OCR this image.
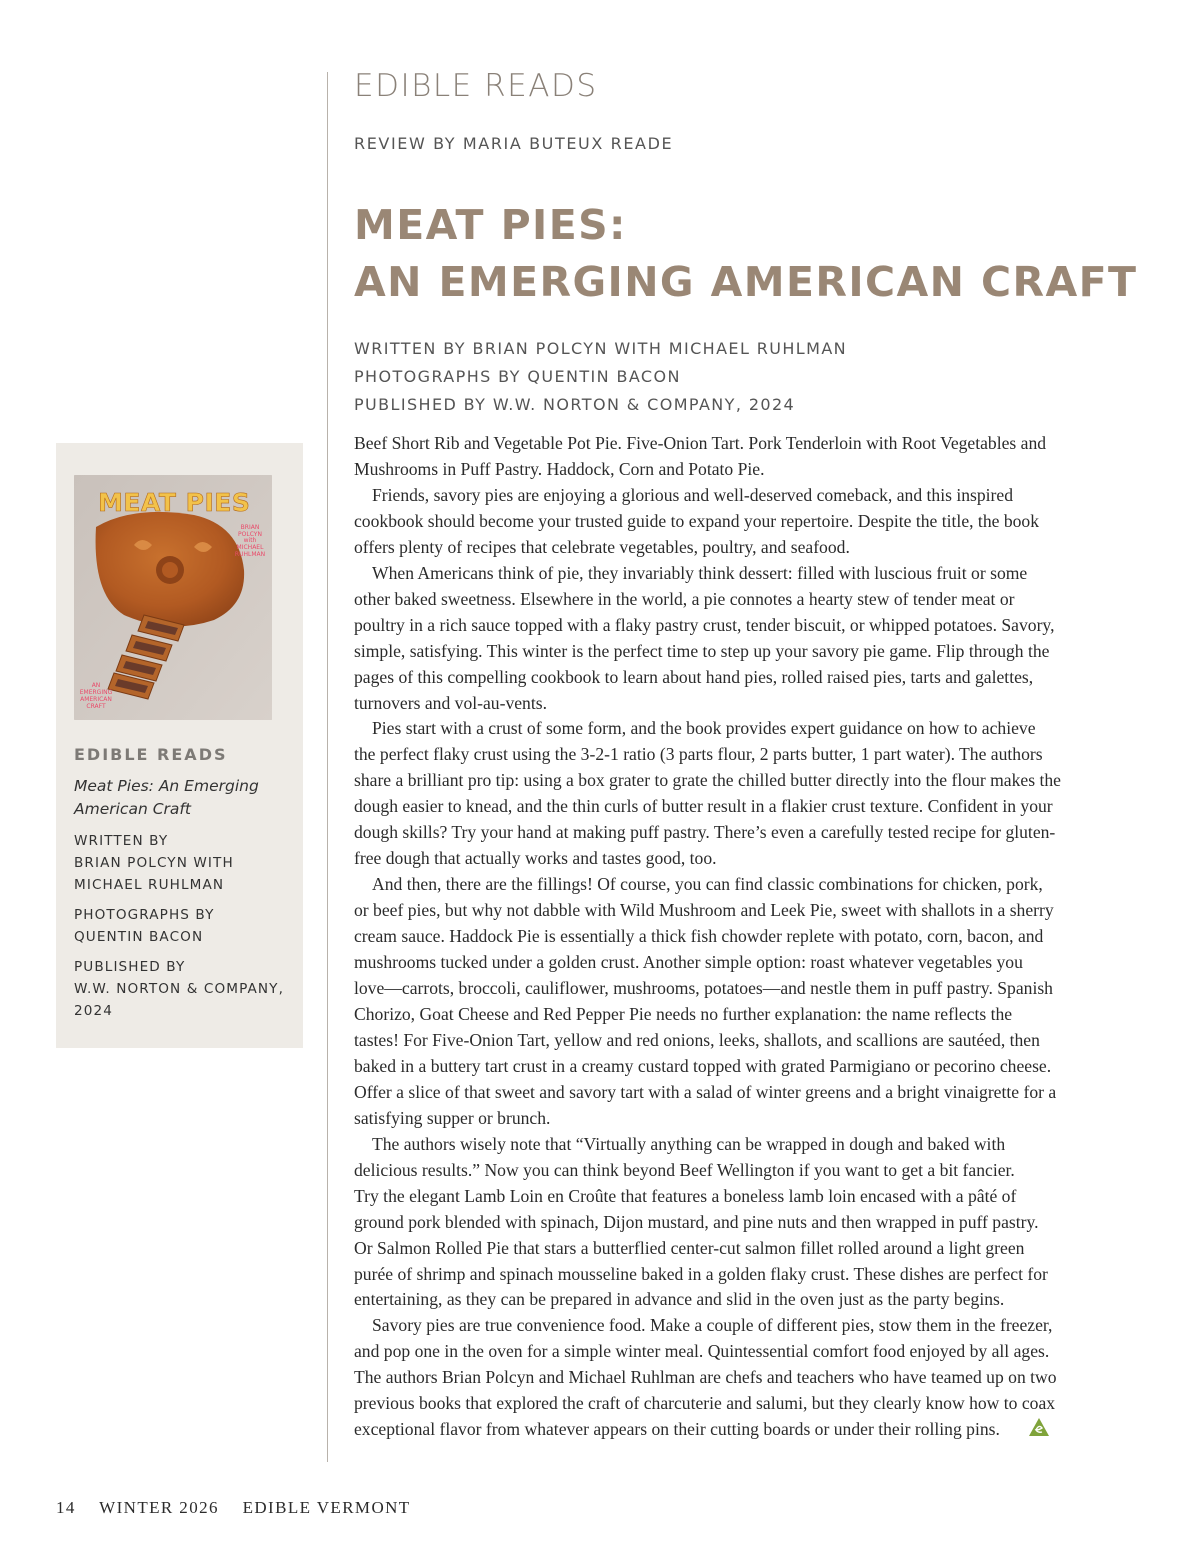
EDIBLE READS

REVIEW BY MARIA BUTEUX READE

MEAT PIES:
AN EMERGING AMERICAN CRAFT
WRITTEN BY BRIAN POLCYN WITH MICHAEL RUHLMAN
PHOTOGRAPHS BY QUENTIN BACON
PUBLISHED BY W.W. NORTON & COMPANY, 2024

Beef Short Rib and Vegetable Pot Pie. Five-Onion Tart. Pork Tenderloin with Root Vegetables and
Mushrooms in Puff Pastry. Haddock, Corn and Potato Pie.

Friends, savory pies are enjoying a glorious and well-deserved comeback, and this inspired
cookbook should become your trusted guide to expand your repertoire. Despite the title, the book
offers plenty of recipes that celebrate vegetables, poultry, and seafood.

When Americans think of pie, they invariably think dessert: filled with luscious fruit or some
other baked sweetness. Elsewhere in the world, a pie connotes a hearty stew of tender meat or
poultry in a rich sauce topped with a flaky pastry crust, tender biscuit, or whipped potatoes. Savory,
simple, satisfying. This winter is the perfect time to step up your savory pie game. Flip through the
pages of this compelling cookbook to learn about hand pies, rolled raised pies, tarts and galettes,
turnovers and vol-au-vents.

Pies start with a crust of some form, and the book provides expert guidance on how to achieve
the perfect flaky crust using the 3-2-1 ratio (3 parts flour, 2 parts butter, 1 part water). The authors
share a brilliant pro tip: using a box grater to grate the chilled butter directly into the flour makes the
dough easier to knead, and the thin curls of butter result in a flakier crust texture. Confident in your
dough skills? Try your hand at making puff pastry. There’s even a carefully tested recipe for gluten-
free dough that actually works and tastes good, too.

And then, there are the fillings! Of course, you can find classic combinations for chicken, pork,
or beef pies, but why not dabble with Wild Mushroom and Leek Pie, sweet with shallots in a sherry
cream sauce. Haddock Pie is essentially a thick fish chowder replete with potato, corn, bacon, and
mushrooms tucked under a golden crust. Another simple option: roast whatever vegetables you
love—carrots, broccoli, cauliflower, mushrooms, potatoes—and nestle them in puff pastry. Spanish
Chorizo, Goat Cheese and Red Pepper Pie needs no further explanation: the name reflects the
tastes! For Five-Onion Tart, yellow and red onions, leeks, shallots, and scallions are sautéed, then
baked in a buttery tart crust in a creamy custard topped with grated Parmigiano or pecorino cheese.
Offer a slice of that sweet and savory tart with a salad of winter greens and a bright vinaigrette for a
satisfying supper or brunch.

The authors wisely note that “Virtually anything can be wrapped in dough and baked with
delicious results.” Now you can think beyond Beef Wellington if you want to get a bit fancier.
Try the elegant Lamb Loin en Croûte that features a boneless lamb loin encased with a pâté of
ground pork blended with spinach, Dijon mustard, and pine nuts and then wrapped in puff pastry.
Or Salmon Rolled Pie that stars a butterflied center-cut salmon fillet rolled around a light green
purée of shrimp and spinach mousseline baked in a golden flaky crust. These dishes are perfect for
entertaining, as they can be prepared in advance and slid in the oven just as the party begins.

Savory pies are true convenience food. Make a couple of different pies, stow them in the freezer,
and pop one in the oven for a simple winter meal. Quintessential comfort food enjoyed by all ages.
The authors Brian Polcyn and Michael Ruhlman are chefs and teachers who have teamed up on two
previous books that explored the craft of charcuterie and salumi, but they clearly know how to coax
exceptional flavor from whatever appears on their cutting boards or under their rolling pins.

MEAT PIES
BRIAN
POLCYN
with
MICHAEL
RUHLMAN
AN
EMERGING
AMERICAN
CRAFT
EDIBLE READS
Meat Pies: An Emerging
American Craft
WRITTEN BY
BRIAN POLCYN WITH
MICHAEL RUHLMAN
PHOTOGRAPHS BY
QUENTIN BACON
PUBLISHED BY
W.W. NORTON & COMPANY,
2024
14 WINTER 2026 EDIBLE VERMONT
